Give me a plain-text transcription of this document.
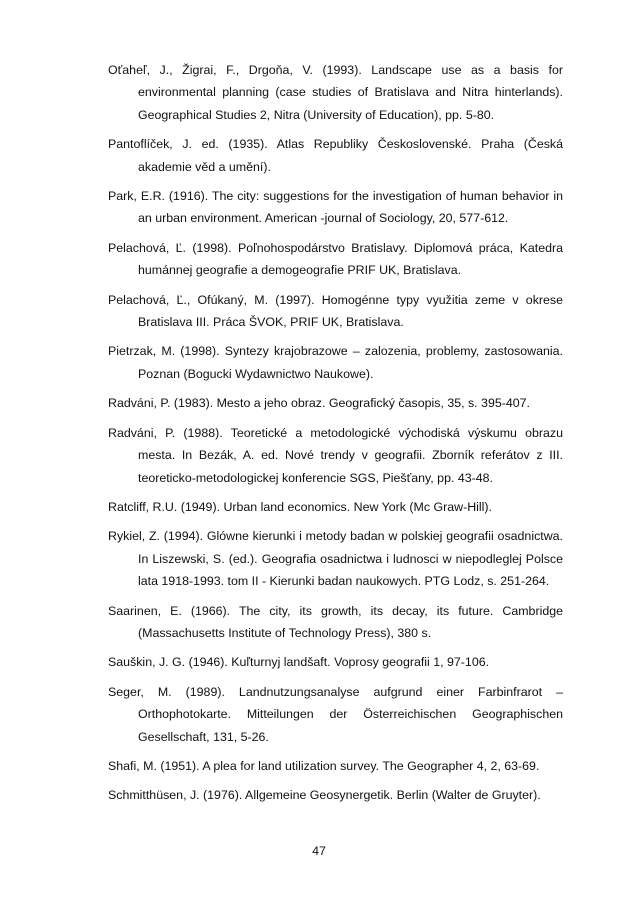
Oťaheľ, J., Žigrai, F., Drgoňa, V. (1993). Landscape use as a basis for environmental planning (case studies of Bratislava and Nitra hinterlands). Geographical Studies 2, Nitra (University of Education), pp. 5-80.

Pantoflíček, J. ed. (1935). Atlas Republiky Československé. Praha (Česká akademie věd a umění).

Park, E.R. (1916). The city: suggestions for the investigation of human behavior in an urban environment. American -journal of Sociology, 20, 577-612.

Pelachová, Ľ. (1998). Poľnohospodárstvo Bratislavy. Diplomová práca, Katedra humánnej geografie a demogeografie PRIF UK, Bratislava.

Pelachová, Ľ., Ofúkaný, M. (1997). Homogénne typy využitia zeme v okrese Bratislava III. Práca ŠVOK, PRIF UK, Bratislava.

Pietrzak, M. (1998). Syntezy krajobrazowe – zalozenia, problemy, zastosowania. Poznan (Bogucki Wydawnictwo Naukowe).

Radváni, P. (1983). Mesto a jeho obraz. Geografický časopis, 35, s. 395-407.

Radváni, P. (1988). Teoretické a metodologické východiská výskumu obrazu mesta. In Bezák, A. ed. Nové trendy v geografii. Zborník referátov z III. teoreticko-metodologickej konferencie SGS, Piešťany, pp. 43-48.

Ratcliff, R.U. (1949). Urban land economics. New York (Mc Graw-Hill).

Rykiel, Z. (1994). Glówne kierunki i metody badan w polskiej geografii osadnictwa. In Liszewski, S. (ed.). Geografia osadnictwa i ludnosci w niepodleglej Polsce lata 1918-1993. tom II - Kierunki badan naukowych. PTG Lodz, s. 251-264.

Saarinen, E. (1966). The city, its growth, its decay, its future. Cambridge (Massachusetts Institute of Technology Press), 380 s.

Sauškin, J. G. (1946). Kuľturnyj landšaft. Voprosy geografii 1, 97-106.

Seger, M. (1989). Landnutzungsanalyse aufgrund einer Farbinfrarot – Orthophotokarte. Mitteilungen der Österreichischen Geographischen Gesellschaft, 131, 5-26.

Shafi, M. (1951). A plea for land utilization survey. The Geographer 4, 2, 63-69.

Schmitthüsen, J. (1976). Allgemeine Geosynergetik. Berlin (Walter de Gruyter).

47
